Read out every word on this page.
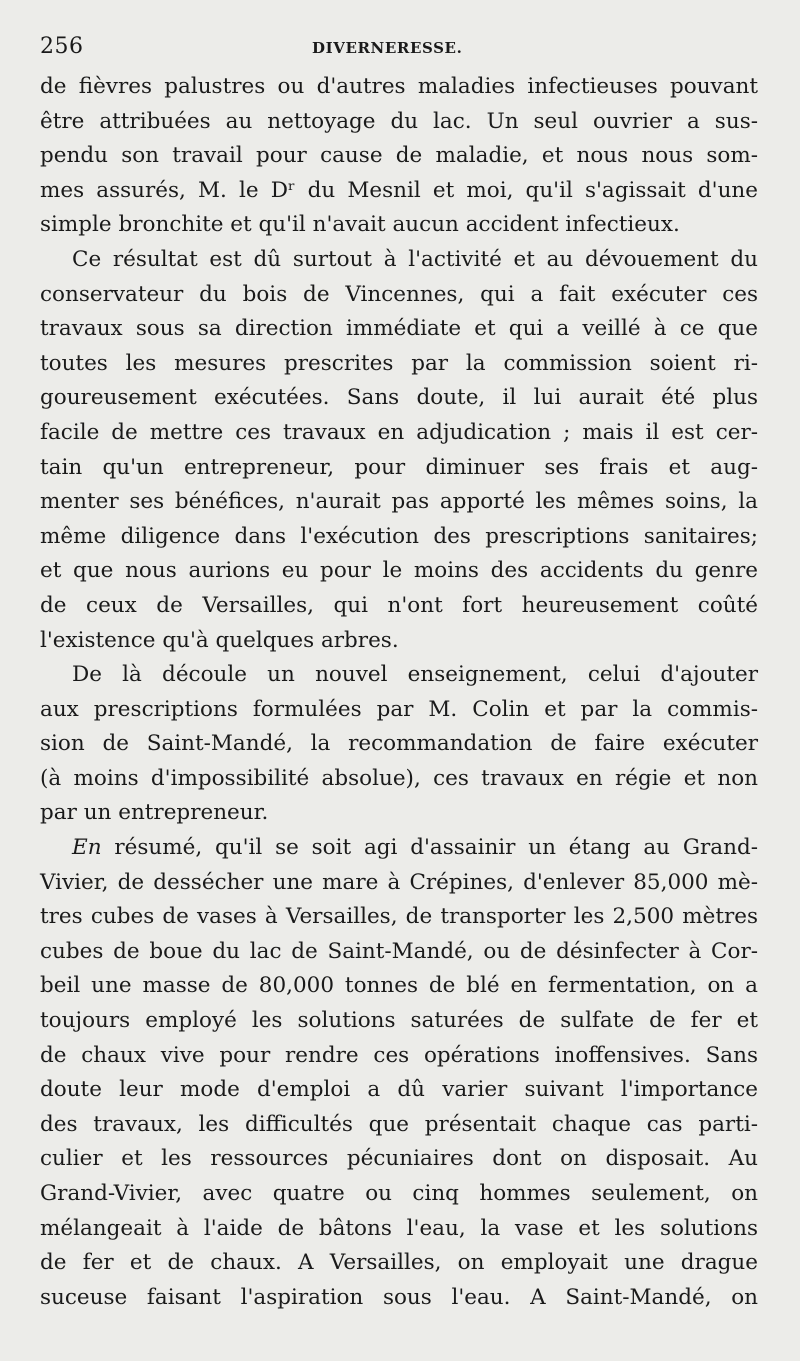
256	DIVERNERESSE.
de fièvres palustres ou d'autres maladies infectieuses pouvant
être attribuées au nettoyage du lac. Un seul ouvrier a sus-
pendu son travail pour cause de maladie, et nous nous som-
mes assurés, M. le Dʳ du Mesnil et moi, qu'il s'agissait d'une
simple bronchite et qu'il n'avait aucun accident infectieux.
Ce résultat est dû surtout à l'activité et au dévouement du
conservateur du bois de Vincennes, qui a fait exécuter ces
travaux sous sa direction immédiate et qui a veillé à ce que
toutes les mesures prescrites par la commission soient ri-
goureusement exécutées. Sans doute, il lui aurait été plus
facile de mettre ces travaux en adjudication ; mais il est cer-
tain qu'un entrepreneur, pour diminuer ses frais et aug-
menter ses bénéfices, n'aurait pas apporté les mêmes soins, la
même diligence dans l'exécution des prescriptions sanitaires;
et que nous aurions eu pour le moins des accidents du genre
de ceux de Versailles, qui n'ont fort heureusement coûté
l'existence qu'à quelques arbres.
De là découle un nouvel enseignement, celui d'ajouter
aux prescriptions formulées par M. Colin et par la commis-
sion de Saint-Mandé, la recommandation de faire exécuter
(à moins d'impossibilité absolue), ces travaux en régie et non
par un entrepreneur.
En résumé, qu'il se soit agi d'assainir un étang au Grand-
Vivier, de dessécher une mare à Crépines, d'enlever 85,000 mè-
tres cubes de vases à Versailles, de transporter les 2,500 mètres
cubes de boue du lac de Saint-Mandé, ou de désinfecter à Cor-
beil une masse de 80,000 tonnes de blé en fermentation, on a
toujours employé les solutions saturées de sulfate de fer et
de chaux vive pour rendre ces opérations inoffensives. Sans
doute leur mode d'emploi a dû varier suivant l'importance
des travaux, les difficultés que présentait chaque cas parti-
culier et les ressources pécuniaires dont on disposait. Au
Grand-Vivier, avec quatre ou cinq hommes seulement, on
mélangeait à l'aide de bâtons l'eau, la vase et les solutions
de fer et de chaux. A Versailles, on employait une drague
suceuse faisant l'aspiration sous l'eau. A Saint-Mandé, on
